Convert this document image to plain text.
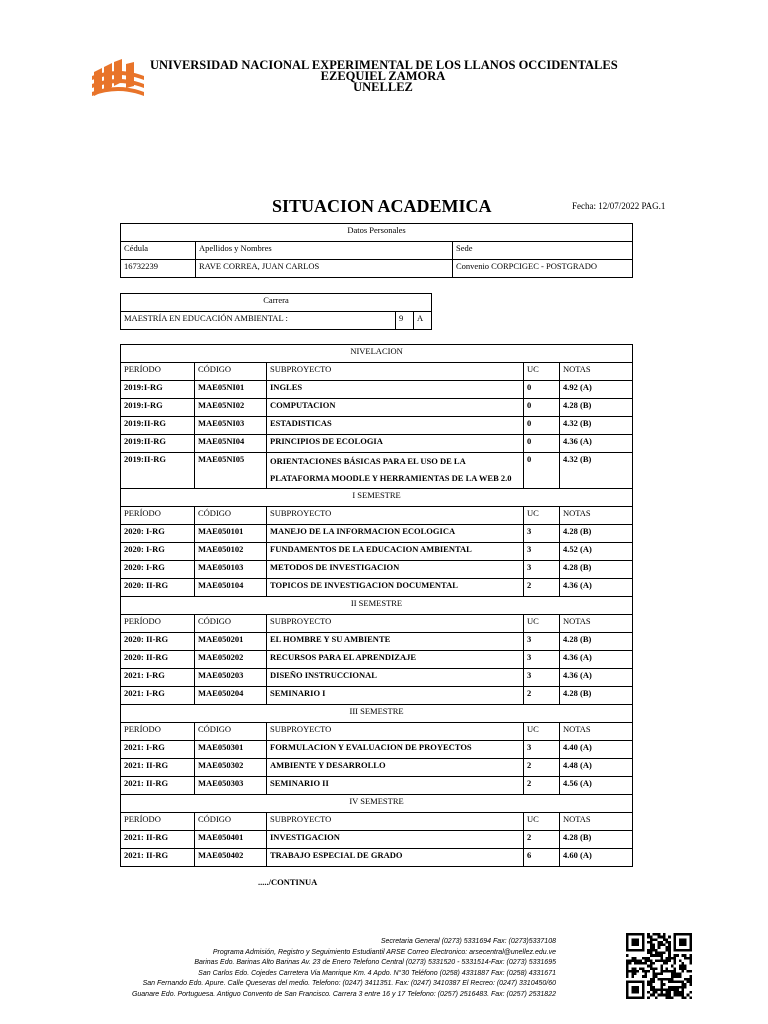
UNIVERSIDAD NACIONAL EXPERIMENTAL DE LOS LLANOS OCCIDENTALES
EZEQUIEL ZAMORA
UNELLEZ
SITUACION ACADEMICA	Fecha: 12/07/2022 PAG.1
Datos Personales		
Cédula	Apellidos y Nombres	Sede
16732239	RAVE CORREA, JUAN CARLOS	Convenio CORPCIGEC - POSTGRADO
Carrera
MAESTRÍA EN EDUCACIÓN AMBIENTAL :	9	A
NIVELACION				
PERÍODO	CÓDIGO	SUBPROYECTO	UC	NOTAS
2019:I-RG	MAE05NI01	INGLES	0	4.92 (A)
2019:I-RG	MAE05NI02	COMPUTACION	0	4.28 (B)
2019:II-RG	MAE05NI03	ESTADISTICAS	0	4.32 (B)
2019:II-RG	MAE05NI04	PRINCIPIOS DE ECOLOGIA	0	4.36 (A)
2019:II-RG	MAE05NI05	ORIENTACIONES BÁSICAS PARA EL USO DE LA PLATAFORMA MOODLE Y HERRAMIENTAS DE LA WEB 2.0	0	4.32 (B)
I SEMESTRE				
PERÍODO	CÓDIGO	SUBPROYECTO	UC	NOTAS
2020: I-RG	MAE050101	MANEJO DE LA INFORMACION ECOLOGICA	3	4.28 (B)
2020: I-RG	MAE050102	FUNDAMENTOS DE LA EDUCACION AMBIENTAL	3	4.52 (A)
2020: I-RG	MAE050103	METODOS DE INVESTIGACION	3	4.28 (B)
2020: II-RG	MAE050104	TOPICOS DE INVESTIGACION DOCUMENTAL	2	4.36 (A)
II SEMESTRE				
PERÍODO	CÓDIGO	SUBPROYECTO	UC	NOTAS
2020: II-RG	MAE050201	EL HOMBRE Y SU AMBIENTE	3	4.28 (B)
2020: II-RG	MAE050202	RECURSOS PARA EL APRENDIZAJE	3	4.36 (A)
2021: I-RG	MAE050203	DISEÑO INSTRUCCIONAL	3	4.36 (A)
2021: I-RG	MAE050204	SEMINARIO I	2	4.28 (B)
III SEMESTRE				
PERÍODO	CÓDIGO	SUBPROYECTO	UC	NOTAS
2021: I-RG	MAE050301	FORMULACION Y EVALUACION DE PROYECTOS	3	4.40 (A)
2021: II-RG	MAE050302	AMBIENTE Y DESARROLLO	2	4.48 (A)
2021: II-RG	MAE050303	SEMINARIO II	2	4.56 (A)
IV SEMESTRE				
PERÍODO	CÓDIGO	SUBPROYECTO	UC	NOTAS
2021: II-RG	MAE050401	INVESTIGACION	2	4.28 (B)
2021: II-RG	MAE050402	TRABAJO ESPECIAL DE GRADO	6	4.60 (A)
...../CONTINUA
Secretaria General (0273) 5331694 Fax: (0273)5337108
Programa Admisión, Registro y Seguimiento Estudiantil ARSE Correo Electronico: arsecentral@unellez.edu.ve
Barinas Edo. Barinas Alto Barinas Av. 23 de Enero Telefono Central (0273) 5331520 - 5331514-Fax: (0273) 5331695
San Carlos Edo. Cojedes Carretera Via Manrique Km. 4 Apdo. N°30 Teléfono (0258) 4331887 Fax: (0258) 4331671
San Fernando Edo. Apure. Calle Queseras del medio. Telefono: (0247) 3411351. Fax: (0247) 3410387 El Recreo: (0247) 3310450/60
Guanare Edo. Portuguesa. Antiguo Convento de San Francisco. Carrera 3 entre 16 y 17 Telefono: (0257) 2516483. Fax: (0257) 2531822
